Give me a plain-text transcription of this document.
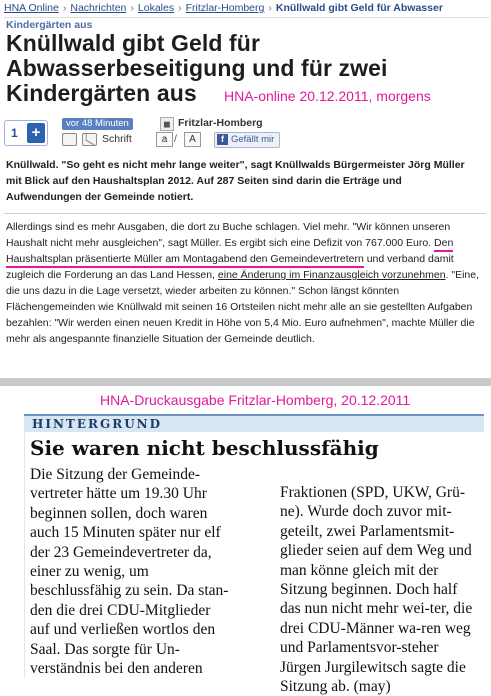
HNA Online › Nachrichten › Lokales › Fritzlar-Homberg › Knüllwald gibt Geld für Abwasser
Kindergärten aus
Knüllwald gibt Geld für Abwasserbeseitigung und für zwei Kindergärten aus	HNA-online 20.12.2011, morgens
1 +
vor 48 Minuten	◼ Fritzlar-Homberg
Schrift	a /	A	f Gefällt mir

Knüllwald. "So geht es nicht mehr lange weiter", sagt Knüllwalds Bürgermeister Jörg Müller mit Blick auf den Haushaltsplan 2012. Auf 287 Seiten sind darin die Erträge und Aufwendungen der Gemeinde notiert.

Allerdings sind es mehr Ausgaben, die dort zu Buche schlagen. Viel mehr. "Wir können unseren Haushalt nicht mehr ausgleichen", sagt Müller. Es ergibt sich eine Defizit von 767.000 Euro. Den Haushaltsplan präsentierte Müller am Montagabend den Gemeindevertretern und verband damit zugleich die Forderung an das Land Hessen, eine Änderung im Finanzausgleich vorzunehmen. "Eine, die uns dazu in die Lage versetzt, wieder arbeiten zu können." Schon längst könnten Flächengemeinden wie Knüllwald mit seinen 16 Ortsteilen nicht mehr alle an sie gestellten Aufgaben bezahlen: "Wir werden einen neuen Kredit in Höhe von 5,4 Mio. Euro aufnehmen", machte Müller die mehr als angespannte finanzielle Situation der Gemeinde deutlich.

HNA-Druckausgabe Fritzlar-Homberg, 20.12.2011
HINTERGRUND
Sie waren nicht beschlussfähig
Die Sitzung der Gemeinde-vertreter hätte um 19.30 Uhr beginnen sollen, doch waren auch 15 Minuten später nur elf der 23 Gemeindevertreter da, einer zu wenig, um beschlussfähig zu sein. Da stan-den die drei CDU-Mitglieder auf und verließen wortlos den Saal. Das sorgte für Un-verständnis bei den anderen
Fraktionen (SPD, UKW, Grü-ne). Wurde doch zuvor mit-geteilt, zwei Parlamentsmit-glieder seien auf dem Weg und man könne gleich mit der Sitzung beginnen. Doch half das nun nicht mehr wei-ter, die drei CDU-Männer wa-ren weg und Parlamentsvor-steher Jürgen Jurgilewitsch sagte die Sitzung ab. (may)
